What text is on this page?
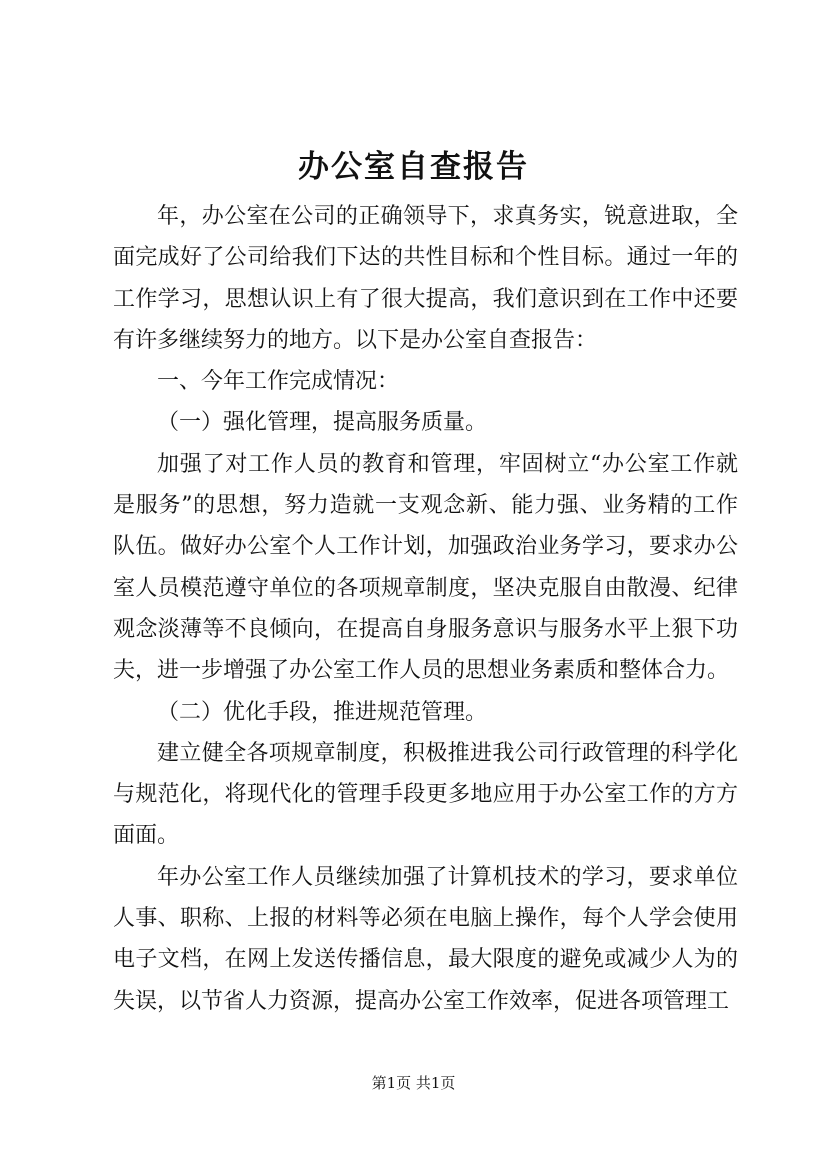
办公室自查报告

年，办公室在公司的正确领导下，求真务实，锐意进取，全面完成好了公司给我们下达的共性目标和个性目标。通过一年的工作学习，思想认识上有了很大提高，我们意识到在工作中还要有许多继续努力的地方。以下是办公室自查报告：

一、今年工作完成情况：

（一）强化管理，提高服务质量。

加强了对工作人员的教育和管理，牢固树立“办公室工作就是服务”的思想，努力造就一支观念新、能力强、业务精的工作队伍。做好办公室个人工作计划，加强政治业务学习，要求办公室人员模范遵守单位的各项规章制度，坚决克服自由散漫、纪律观念淡薄等不良倾向，在提高自身服务意识与服务水平上狠下功夫，进一步增强了办公室工作人员的思想业务素质和整体合力。

（二）优化手段，推进规范管理。

建立健全各项规章制度，积极推进我公司行政管理的科学化与规范化，将现代化的管理手段更多地应用于办公室工作的方方面面。

年办公室工作人员继续加强了计算机技术的学习，要求单位人事、职称、上报的材料等必须在电脑上操作，每个人学会使用电子文档，在网上发送传播信息，最大限度的避免或减少人为的失误，以节省人力资源，提高办公室工作效率，促进各项管理工

第1页 共1页
